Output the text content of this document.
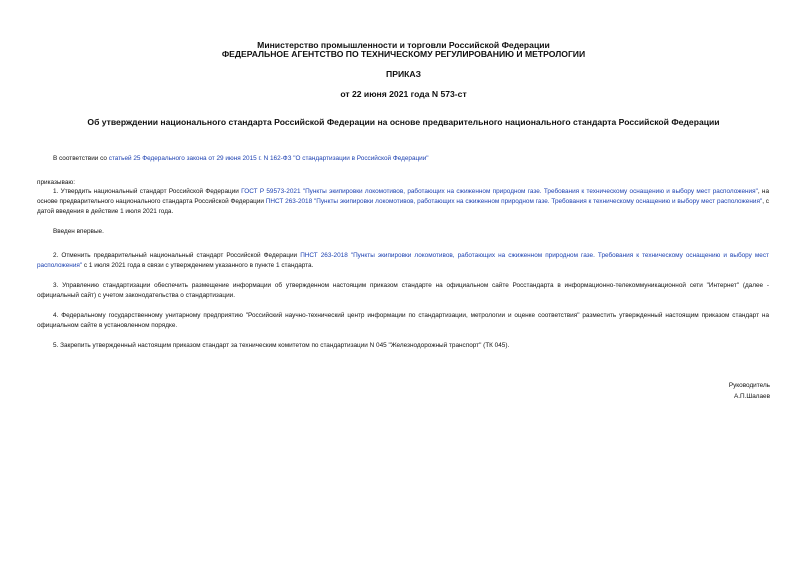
Министерство промышленности и торговли Российской Федерации
ФЕДЕРАЛЬНОЕ АГЕНТСТВО ПО ТЕХНИЧЕСКОМУ РЕГУЛИРОВАНИЮ И МЕТРОЛОГИИ
ПРИКАЗ
от 22 июня 2021 года N 573-ст
Об утверждении национального стандарта Российской Федерации на основе предварительного национального стандарта Российской Федерации
В соответствии со статьей 25 Федерального закона от 29 июня 2015 г. N 162-ФЗ "О стандартизации в Российской Федерации"
приказываю:
1. Утвердить национальный стандарт Российской Федерации ГОСТ Р 59573-2021 "Пункты экипировки локомотивов, работающих на сжиженном природном газе. Требования к техническому оснащению и выбору мест расположения", на основе предварительного национального стандарта Российской Федерации ПНСТ 263-2018 "Пункты экипировки локомотивов, работающих на сжиженном природном газе. Требования к техническому оснащению и выбору мест расположения", с датой введения в действие 1 июля 2021 года.
Введен впервые.
2. Отменить предварительный национальный стандарт Российской Федерации ПНСТ 263-2018 "Пункты экипировки локомотивов, работающих на сжиженном природном газе. Требования к техническому оснащению и выбору мест расположения" с 1 июля 2021 года в связи с утверждением указанного в пункте 1 стандарта.
3. Управлению стандартизации обеспечить размещение информации об утвержденном настоящим приказом стандарте на официальном сайте Росстандарта в информационно-телекоммуникационной сети "Интернет" (далее - официальный сайт) с учетом законодательства о стандартизации.
4. Федеральному государственному унитарному предприятию "Российский научно-технический центр информации по стандартизации, метрологии и оценке соответствия" разместить утвержденный настоящим приказом стандарт на официальном сайте в установленном порядке.
5. Закрепить утвержденный настоящим приказом стандарт за техническим комитетом по стандартизации N 045 "Железнодорожный транспорт" (ТК 045).
Руководитель
А.П.Шалаев
